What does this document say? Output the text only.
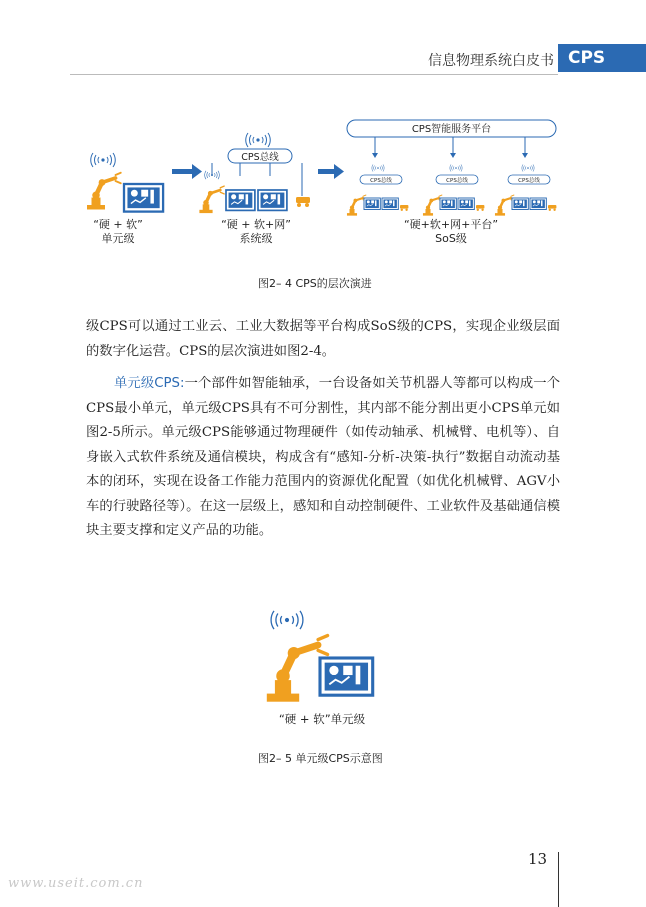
信息物理系统白皮书 CPS
CPS智能服务平台
CPS总线
CPS总线	CPS总线	CPS总线
“硬 + 软”
单元级
“硬 + 软+网”
系统级
“硬+软+网+平台”
SoS级
图2– 4 CPS的层次演进

级CPS可以通过工业云、工业大数据等平台构成SoS级的CPS，实现企业级层面的数字化运营。CPS的层次演进如图2-4。

单元级CPS:一个部件如智能轴承，一台设备如关节机器人等都可以构成一个CPS最小单元，单元级CPS具有不可分割性，其内部不能分割出更小CPS单元如图2-5所示。单元级CPS能够通过物理硬件（如传动轴承、机械臂、电机等）、自身嵌入式软件系统及通信模块，构成含有“感知-分析-决策-执行”数据自动流动基本的闭环，实现在设备工作能力范围内的资源优化配置（如优化机械臂、AGV小车的行驶路径等）。在这一层级上，感知和自动控制硬件、工业软件及基础通信模块主要支撑和定义产品的功能。

“硬 + 软”单元级
图2– 5 单元级CPS示意图
13
www.useit.com.cn
